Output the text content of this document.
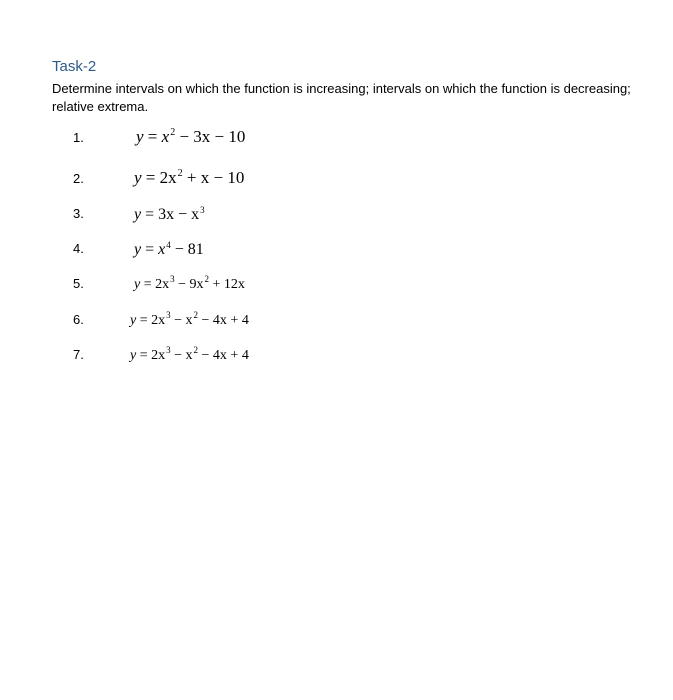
Task-2
Determine intervals on which the function is increasing; intervals on which the function is decreasing; relative extrema.
1.	$y = x^2 - 3x - 10$
2.	$y = 2x^2 + x - 10$
3.	$y = 3x - x^3$
4.	$y = x^4 - 81$
5.	$y = 2x^3 - 9x^2 + 12x$
6.	$y = 2x^3 - x^2 - 4x + 4$
7.	$y = 2x^3 - x^2 - 4x + 4$
